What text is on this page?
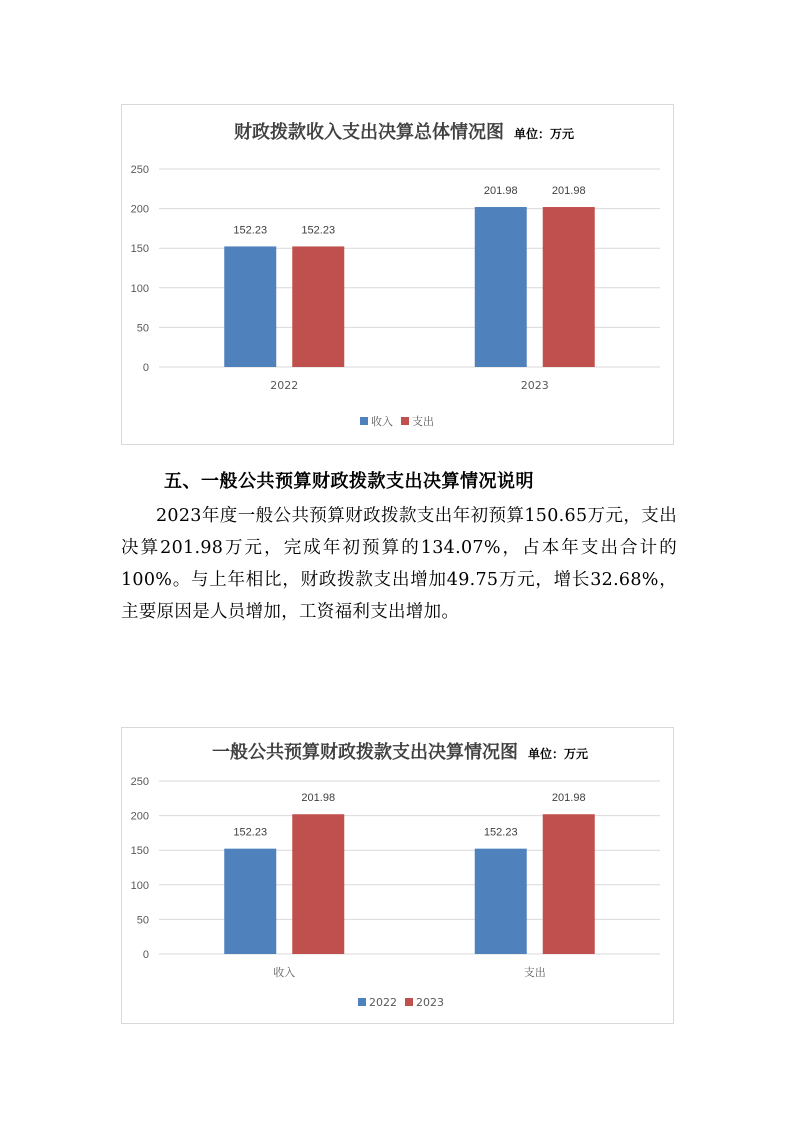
财政拨款收入支出决算总体情况图 单位：万元
0
50
100
150
200
250
152.23	152.23
2022
201.98	201.98
2023
收入 支出
五、一般公共预算财政拨款支出决算情况说明

2023年度一般公共预算财政拨款支出年初预算150.65万元，支出决算201.98万元，完成年初预算的134.07%，占本年支出合计的100%。与上年相比，财政拨款支出增加49.75万元，增长32.68%，主要原因是人员增加，工资福利支出增加。

一般公共预算财政拨款支出决算情况图 单位：万元
0
50
100
150
200
250
152.23
201.98
收入
152.23
201.98
支出
2022 2023
